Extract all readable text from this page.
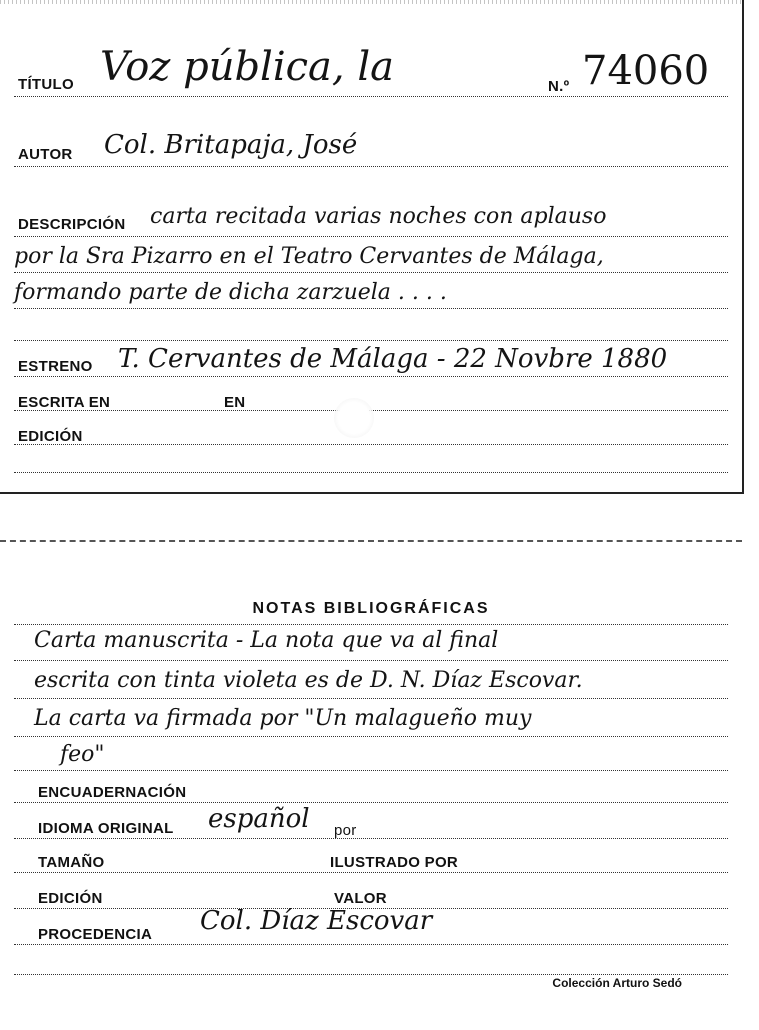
TÍTULO Voz pública, la	N.º 74060
AUTOR Col. Britapaja, José
DESCRIPCIÓN carta recitada varias noches con aplauso
por la Sra Pizarro en el Teatro Cervantes de Málaga,
formando parte de dicha zarzuela . . . .
ESTRENO T. Cervantes de Málaga - 22 Novbre 1880
ESCRITA EN	EN
EDICIÓN
NOTAS BIBLIOGRÁFICAS
Carta manuscrita - La nota que va al final
escrita con tinta violeta es de D. N. Díaz Escovar.
La carta va firmada por "Un malagueño muy
feo"
ENCUADERNACIÓN
IDIOMA ORIGINAL español por
TAMAÑO	ILUSTRADO POR
EDICIÓN	VALOR
PROCEDENCIA Col. Díaz Escovar
Colección Arturo Sedó
